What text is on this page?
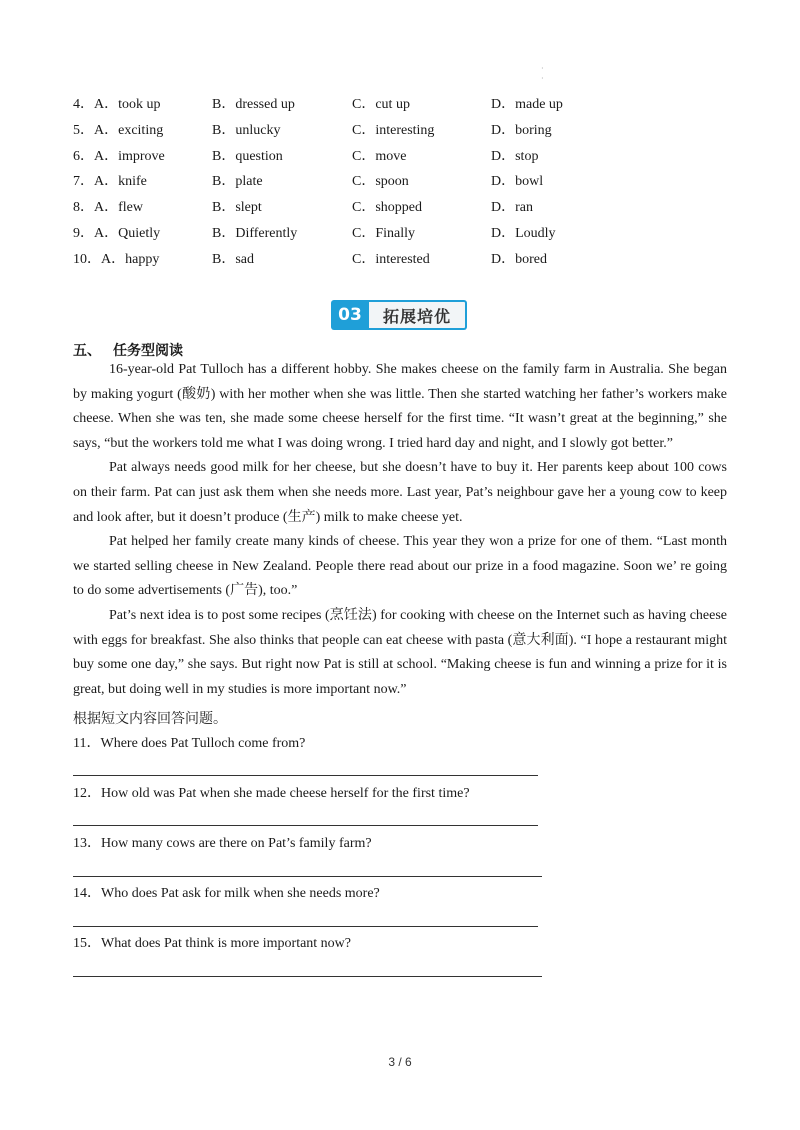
·
·
4．A．took up	B．dressed up	C．cut up	D．made up
5．A．exciting	B．unlucky	C．interesting	D．boring
6．A．improve	B．question	C．move	D．stop
7．A．knife	B．plate	C．spoon	D．bowl
8．A．flew	B．slept	C．shopped	D．ran
9．A．Quietly	B．Differently	C．Finally	D．Loudly
10．A．happy	B．sad	C．interested	D．bored
03	拓展培优
五、 任务型阅读

16-year-old Pat Tulloch has a different hobby. She makes cheese on the family farm in Australia. She began by making yogurt (酸奶) with her mother when she was little. Then she started watching her father’s workers make cheese. When she was ten, she made some cheese herself for the first time. “It wasn’t great at the beginning,” she says, “but the workers told me what I was doing wrong. I tried hard day and night, and I slowly got better.”

Pat always needs good milk for her cheese, but she doesn’t have to buy it. Her parents keep about 100 cows on their farm. Pat can just ask them when she needs more. Last year, Pat’s neighbour gave her a young cow to keep and look after, but it doesn’t produce (生产) milk to make cheese yet.

Pat helped her family create many kinds of cheese. This year they won a prize for one of them. “Last month we started selling cheese in New Zealand. People there read about our prize in a food magazine. Soon we’ re going to do some advertisements (广告), too.”

Pat’s next idea is to post some recipes (烹饪法) for cooking with cheese on the Internet such as having cheese with eggs for breakfast. She also thinks that people can eat cheese with pasta (意大利面). “I hope a restaurant might buy some one day,” she says. But right now Pat is still at school. “Making cheese is fun and winning a prize for it is great, but doing well in my studies is more important now.”

根据短文内容回答问题。
11．Where does Pat Tulloch come from?
12．How old was Pat when she made cheese herself for the first time?
13．How many cows are there on Pat’s family farm?
14．Who does Pat ask for milk when she needs more?
15．What does Pat think is more important now?
3 / 6
